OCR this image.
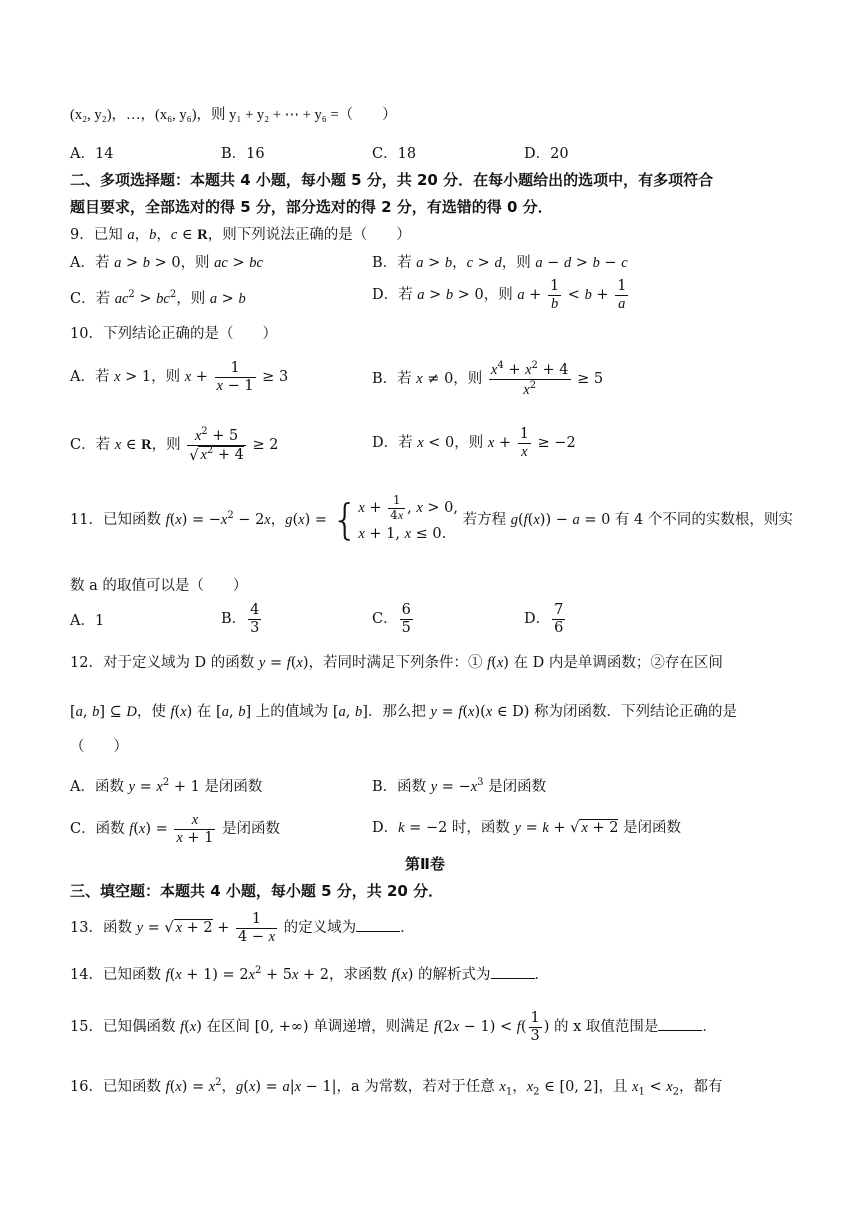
(x₂, y₂)，…，(x₆, y₆)，则 y₁ + y₂ + ⋯ + y₆ =（　　）
A．14	B．16	C．18	D．20
二、多项选择题：本题共 4 小题，每小题 5 分，共 20 分．在每小题给出的选项中，有多项符合
题目要求，全部选对的得 5 分，部分选对的得 2 分，有选错的得 0 分．
9．已知 a，b，c ∈ R，则下列说法正确的是（　　）
A．若 a > b > 0，则 ac > bc	B．若 a > b，c > d，则 a − d > b − c
C．若 $ac^2 > bc^2$，则 a > b	D．若 a > b > 0，则 $a + \frac{1}{b} < b + \frac{1}{a}$
10．下列结论正确的是（　　）
A．若 x > 1，则 $x + \frac{1}{x - 1} \ge 3$	B．若 x ≠ 0，则 $\frac{x^4 + x^2 + 4}{x^2} \ge 5$
C．若 x ∈ R，则 $\frac{x^2 + 5}{√ x^2 + 4} \ge 2$	D．若 x < 0，则 $x + \frac{1}{x} \ge -2$
11．已知函数 $f(x) = -x^2 - 2x$，$g(x) = \{x + \frac{1}{4x}$ , x > 0,
x + 1, x ≤ 0. 若方程 g(f(x)) − a = 0 有 4 个不同的实数根，则实
数 a 的取值可以是（　　）
A．1	B． $\frac{4}{3}$	C． $\frac{6}{5}$	D． $\frac{7}{6}$
12．对于定义域为 D 的函数 y = f(x)，若同时满足下列条件：① f(x) 在 D 内是单调函数；②存在区间
[a, b] ⊆ D，使 f(x) 在 [a, b] 上的值域为 [a, b]．那么把 y = f(x)(x ∈ D) 称为闭函数．下列结论正确的是
（　　）
A．函数 $y = x^2 + 1$ 是闭函数	B．函数 $y = -x^3$ 是闭函数
C．函数 $f(x) = \frac{x}{x + 1}$ 是闭函数	D．k = −2 时，函数 y = k + √ x + 2 是闭函数
第Ⅱ卷
三、填空题：本题共 4 小题，每小题 5 分，共 20 分．
13．函数 y = √ $x + 2 + \frac{1}{4 - x}$ 的定义域为	．
14．已知函数 $f(x + 1) = 2x^2 + 5x + 2$，求函数 f(x) 的解析式为	．
15．已知偶函数 f(x) 在区间 [0, +∞) 单调递增，则满足 $f(2x - 1) < f( \frac{1}{3}$ ) 的 x 取值范围是	．
16．已知函数 $f(x) = x^2$，g(x) = a|x − 1|，a 为常数，若对于任意 $x_1$，$x_2$ ∈ [0, 2]，且 $x_1 < x_2$，都有
